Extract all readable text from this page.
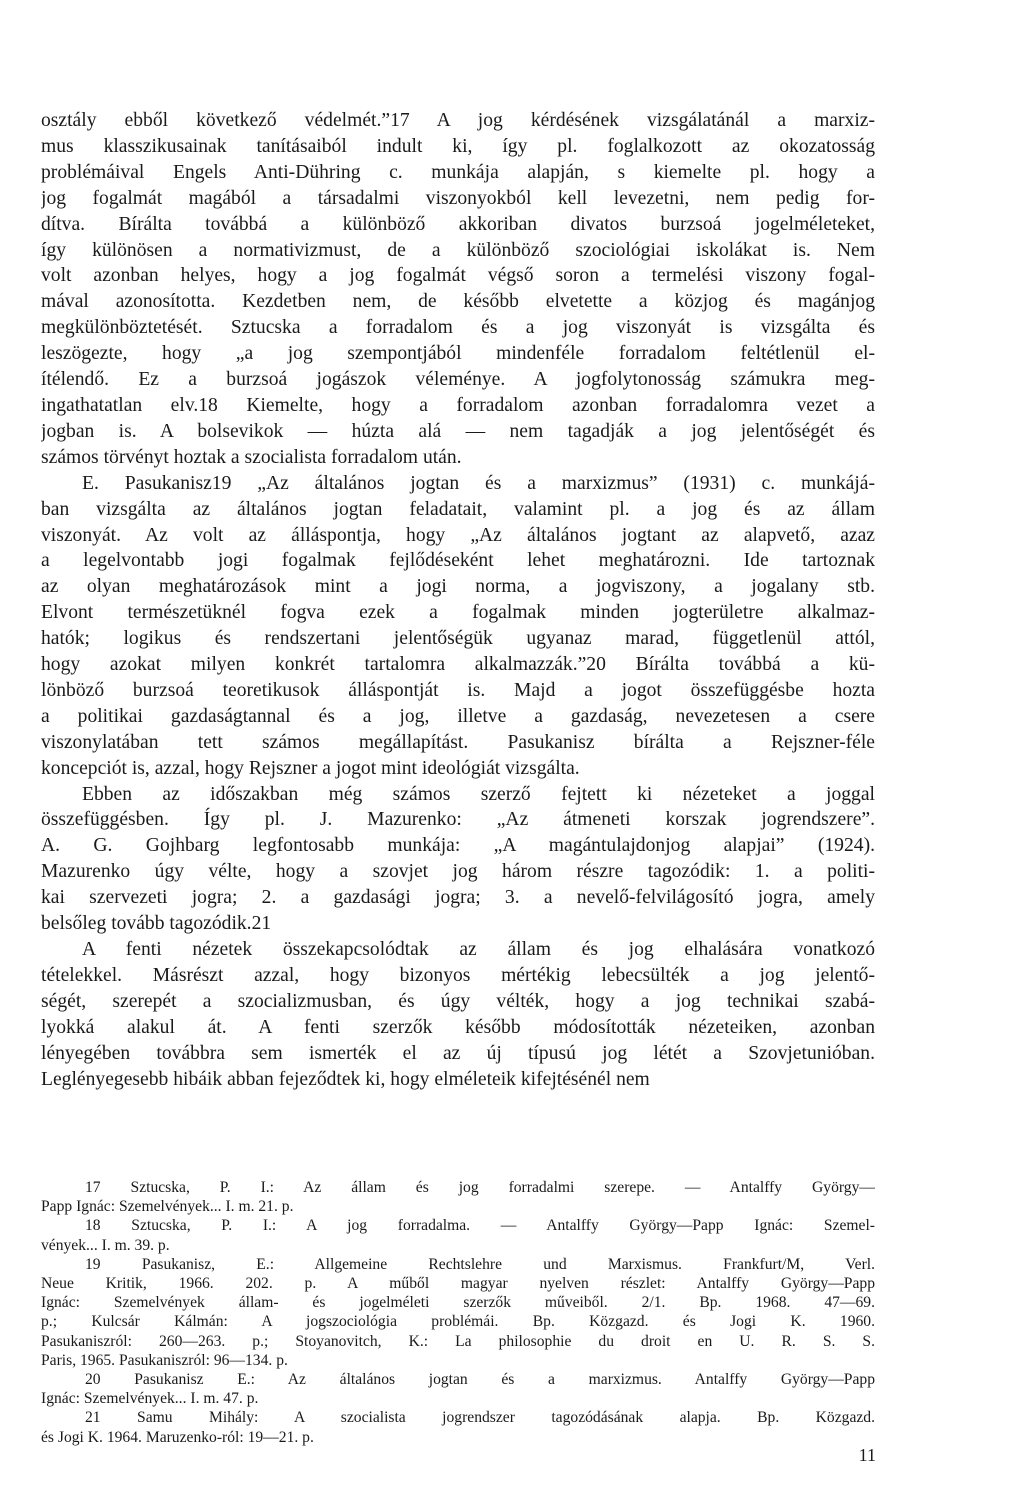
osztály ebből következő védelmét.”17 A jog kérdésének vizsgálatánál a marxiz-
mus klasszikusainak tanításaiból indult ki, így pl. foglalkozott az okozatosság
problémáival Engels Anti-Dühring c. munkája alapján, s kiemelte pl. hogy a
jog fogalmát magából a társadalmi viszonyokból kell levezetni, nem pedig for-
dítva. Bírálta továbbá a különböző akkoriban divatos burzsoá jogelméleteket,
így különösen a normativizmust, de a különböző szociológiai iskolákat is. Nem
volt azonban helyes, hogy a jog fogalmát végső soron a termelési viszony fogal-
mával azonosította. Kezdetben nem, de később elvetette a közjog és magánjog
megkülönböztetését. Sztucska a forradalom és a jog viszonyát is vizsgálta és
leszögezte, hogy „a jog szempontjából mindenféle forradalom feltétlenül el-
ítélendő. Ez a burzsoá jogászok véleménye. A jogfolytonosság számukra meg-
ingathatatlan elv.18 Kiemelte, hogy a forradalom azonban forradalomra vezet a
jogban is. A bolsevikok — húzta alá — nem tagadják a jog jelentőségét és
számos törvényt hoztak a szocialista forradalom után.

E. Pasukanisz19 „Az általános jogtan és a marxizmus” (1931) c. munkájá-
ban vizsgálta az általános jogtan feladatait, valamint pl. a jog és az állam
viszonyát. Az volt az álláspontja, hogy „Az általános jogtant az alapvető, azaz
a legelvontabb jogi fogalmak fejlődéseként lehet meghatározni. Ide tartoznak
az olyan meghatározások mint a jogi norma, a jogviszony, a jogalany stb.
Elvont természetüknél fogva ezek a fogalmak minden jogterületre alkalmaz-
hatók; logikus és rendszertani jelentőségük ugyanaz marad, függetlenül attól,
hogy azokat milyen konkrét tartalomra alkalmazzák.”20 Bírálta továbbá a kü-
lönböző burzsoá teoretikusok álláspontját is. Majd a jogot összefüggésbe hozta
a politikai gazdaságtannal és a jog, illetve a gazdaság, nevezetesen a csere
viszonylatában tett számos megállapítást. Pasukanisz bírálta a Rejszner-féle
koncepciót is, azzal, hogy Rejszner a jogot mint ideológiát vizsgálta.

Ebben az időszakban még számos szerző fejtett ki nézeteket a joggal
összefüggésben. Így pl. J. Mazurenko: „Az átmeneti korszak jogrendszere”.
A. G. Gojhbarg legfontosabb munkája: „A magántulajdonjog alapjai” (1924).
Mazurenko úgy vélte, hogy a szovjet jog három részre tagozódik: 1. a politi-
kai szervezeti jogra; 2. a gazdasági jogra; 3. a nevelő-felvilágosító jogra, amely
belsőleg tovább tagozódik.21

A fenti nézetek összekapcsolódtak az állam és jog elhalására vonatkozó
tételekkel. Másrészt azzal, hogy bizonyos mértékig lebecsülték a jog jelentő-
ségét, szerepét a szocializmusban, és úgy vélték, hogy a jog technikai szabá-
lyokká alakul át. A fenti szerzők később módosították nézeteiken, azonban
lényegében továbbra sem ismerték el az új típusú jog létét a Szovjetunióban.
Leglényegesebb hibáik abban fejeződtek ki, hogy elméleteik kifejtésénél nem

17 Sztucska, P. I.: Az állam és jog forradalmi szerepe. — Antalffy György—
Papp Ignác: Szemelvények... I. m. 21. p.
18 Sztucska, P. I.: A jog forradalma. — Antalffy György—Papp Ignác: Szemel-
vények... I. m. 39. p.
19 Pasukanisz, E.: Allgemeine Rechtslehre und Marxismus. Frankfurt/M, Verl.
Neue Kritik, 1966. 202. p. A műből magyar nyelven részlet: Antalffy György—Papp
Ignác: Szemelvények állam- és jogelméleti szerzők műveiből. 2/1. Bp. 1968. 47—69.
p.; Kulcsár Kálmán: A jogszociológia problémái. Bp. Közgazd. és Jogi K. 1960.
Pasukaniszról: 260—263. p.; Stoyanovitch, K.: La philosophie du droit en U. R. S. S.
Paris, 1965. Pasukaniszról: 96—134. p.
20 Pasukanisz E.: Az általános jogtan és a marxizmus. Antalffy György—Papp
Ignác: Szemelvények... I. m. 47. p.
21 Samu Mihály: A szocialista jogrendszer tagozódásának alapja. Bp. Közgazd.
és Jogi K. 1964. Maruzenko-ról: 19—21. p.
11
